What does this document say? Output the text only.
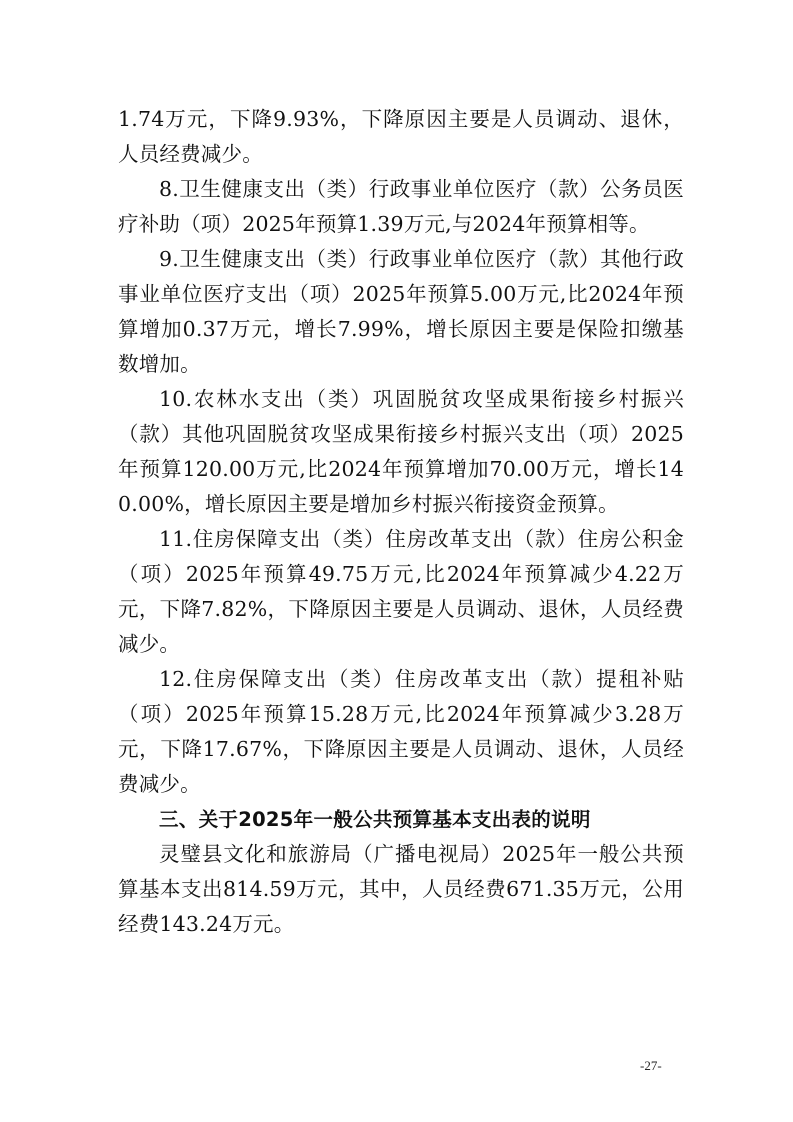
1.74万元，下降9.93%，下降原因主要是人员调动、退休，人员经费减少。

8.卫生健康支出（类）行政事业单位医疗（款）公务员医疗补助（项）2025年预算1.39万元,与2024年预算相等。

9.卫生健康支出（类）行政事业单位医疗（款）其他行政事业单位医疗支出（项）2025年预算5.00万元,比2024年预算增加0.37万元，增长7.99%，增长原因主要是保险扣缴基数增加。

10.农林水支出（类）巩固脱贫攻坚成果衔接乡村振兴（款）其他巩固脱贫攻坚成果衔接乡村振兴支出（项）2025年预算120.00万元,比2024年预算增加70.00万元，增长140.00%，增长原因主要是增加乡村振兴衔接资金预算。

11.住房保障支出（类）住房改革支出（款）住房公积金（项）2025年预算49.75万元,比2024年预算减少4.22万元，下降7.82%，下降原因主要是人员调动、退休，人员经费减少。

12.住房保障支出（类）住房改革支出（款）提租补贴（项）2025年预算15.28万元,比2024年预算减少3.28万元，下降17.67%，下降原因主要是人员调动、退休，人员经费减少。

三、关于2025年一般公共预算基本支出表的说明

灵璧县文化和旅游局（广播电视局）2025年一般公共预算基本支出814.59万元，其中，人员经费671.35万元，公用经费143.24万元。

-27-
